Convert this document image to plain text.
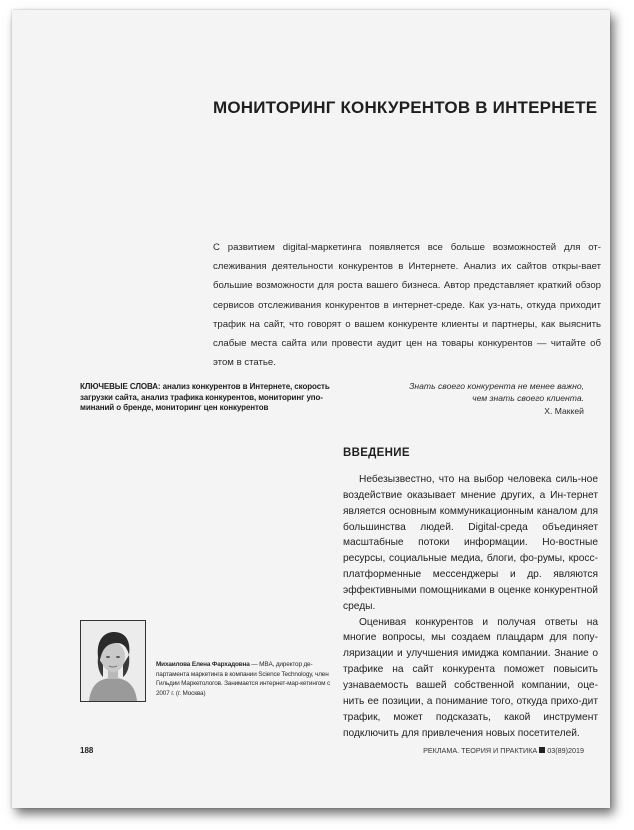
МОНИТОРИНГ КОНКУРЕНТОВ В ИНТЕРНЕТЕ

С развитием digital-маркетинга появляется все больше возможностей для от-слеживания деятельности конкурентов в Интернете. Анализ их сайтов откры-вает большие возможности для роста вашего бизнеса. Автор представляет краткий обзор сервисов отслеживания конкурентов в интернет-среде. Как уз-нать, откуда приходит трафик на сайт, что говорят о вашем конкуренте клиенты и партнеры, как выяснить слабые места сайта или провести аудит цен на товары конкурентов — читайте об этом в статье.

КЛЮЧЕВЫЕ СЛОВА: анализ конкурентов в Интернете, скорость загрузки сайта, анализ трафика конкурентов, мониторинг упо-минаний о бренде, мониторинг цен конкурентов

Знать своего конкурента не менее важно,
чем знать своего клиента.
Х. Маккей
ВВЕДЕНИЕ

Небезызвестно, что на выбор человека силь-ное воздействие оказывает мнение других, а Ин-тернет является основным коммуникационным каналом для большинства людей. Digital-среда объединяет масштабные потоки информации. Но-востные ресурсы, социальные медиа, блоги, фо-румы, кросс-платформенные мессенджеры и др. являются эффективными помощниками в оценке конкурентной среды.

Оценивая конкурентов и получая ответы на многие вопросы, мы создаем плацдарм для попу-ляризации и улучшения имиджа компании. Знание о трафике на сайт конкурента поможет повысить узнаваемость вашей собственной компании, оце-нить ее позиции, а понимание того, откуда прихо-дит трафик, может подсказать, какой инструмент подключить для привлечения новых посетителей.

Михаилова Елена Фархадовна — MBA, директор де-партамента маркетинга в компании Science Technology, член Гильдии Маркетологов. Занимается интернет-мар-кетингом с 2007 г. (г. Москва)
188	РЕКЛАМА. ТЕОРИЯ И ПРАКТИКА 03(89)2019
